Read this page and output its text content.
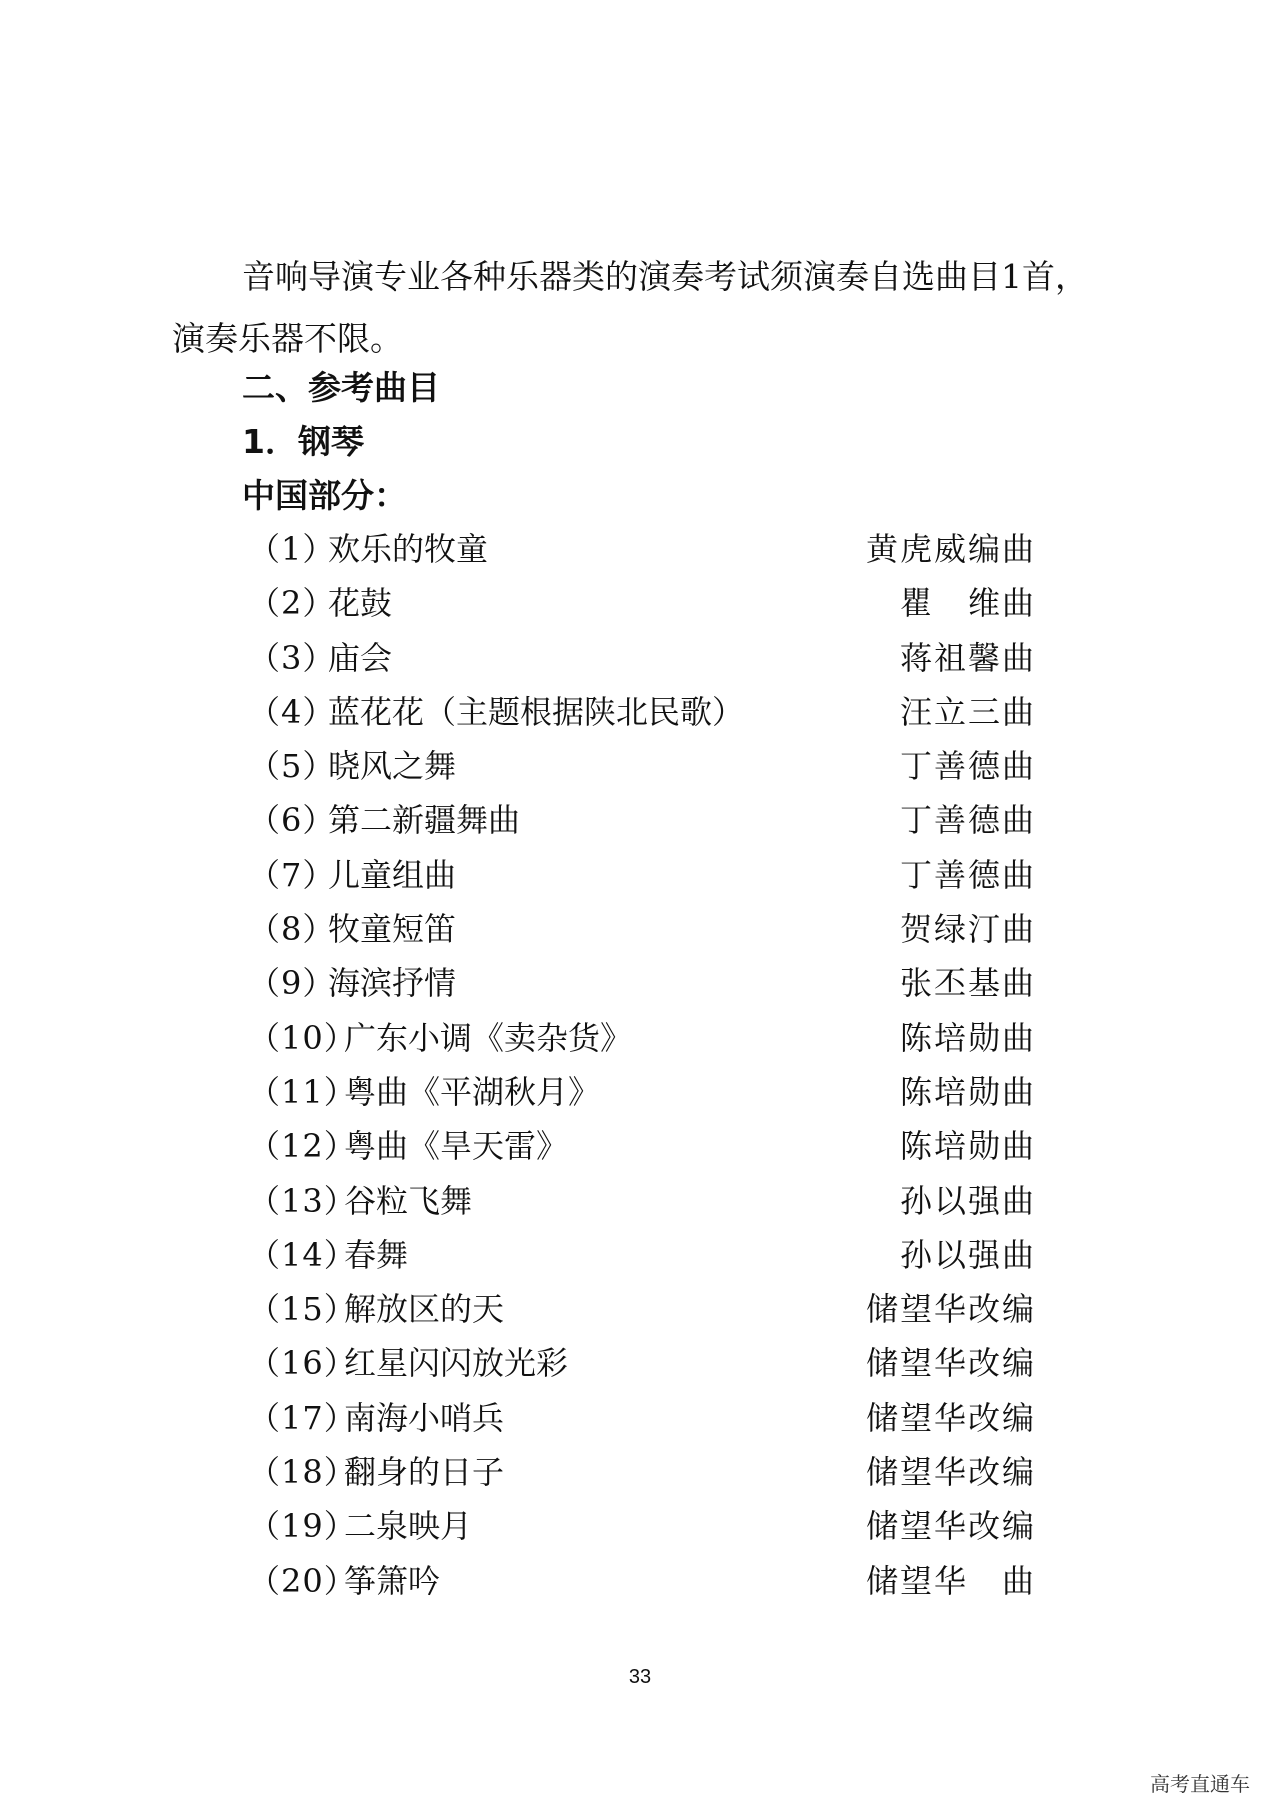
音响导演专业各种乐器类的演奏考试须演奏自选曲目1首，
演奏乐器不限。

二、参考曲目
1．钢琴
中国部分：
（1）
欢乐的牧童	黄虎威编曲
（2）
花鼓	瞿　维曲
（3）
庙会	蒋祖馨曲
（4）
蓝花花（主题根据陕北民歌）	汪立三曲
（5）
晓风之舞	丁善德曲
（6）
第二新疆舞曲	丁善德曲
（7）
儿童组曲	丁善德曲
（8）
牧童短笛	贺绿汀曲
（9）
海滨抒情	张丕基曲
（10）
广东小调《卖杂货》	陈培勋曲
（11）
粤曲《平湖秋月》	陈培勋曲
（12）
粤曲《旱天雷》	陈培勋曲
（13）
谷粒飞舞	孙以强曲
（14）
春舞	孙以强曲
（15）
解放区的天	储望华改编
（16）
红星闪闪放光彩	储望华改编
（17）
南海小哨兵	储望华改编
（18）
翻身的日子	储望华改编
（19）
二泉映月	储望华改编
（20）
筝箫吟	储望华　曲
33
高考直通车
